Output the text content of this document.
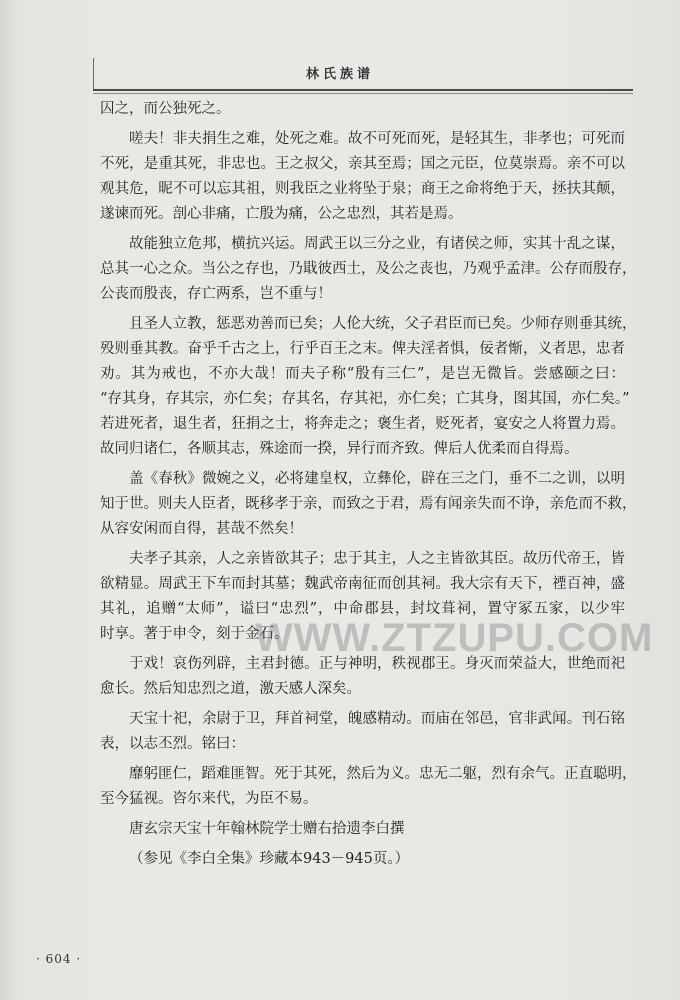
林氏族谱
囚之，而公独死之。
嗟夫！非夫捐生之难，处死之难。故不可死而死，是轻其生，非孝也；可死而
不死，是重其死，非忠也。王之叔父，亲其至焉；国之元臣，位莫崇焉。亲不可以
观其危，昵不可以忘其祖，则我臣之业将坠于泉；商王之命将绝于天，拯扶其颠，
遂谏而死。剖心非痛，亡殷为痛，公之忠烈，其若是焉。
故能独立危邦，横抗兴运。周武王以三分之业，有诸侯之师，实其十乱之谋，
总其一心之众。当公之存也，乃戢彼西土，及公之丧也，乃观乎孟津。公存而殷存，
公丧而殷丧，存亡两系，岂不重与！
且圣人立教，惩恶劝善而已矣；人伦大统，父子君臣而已矣。少师存则垂其统，
殁则垂其教。奋乎千古之上，行乎百王之末。俾夫淫者惧，佞者惭，义者思，忠者
劝。其为戒也，不亦大哉！而夫子称“殷有三仁”，是岂无微旨。尝感颐之曰：
“存其身，存其宗，亦仁矣；存其名，存其祀，亦仁矣；亡其身，图其国，亦仁矣。”
若进死者，退生者，狂捐之士，将奔走之；褒生者，贬死者，宴安之人将置力焉。
故同归诸仁，各顺其志，殊途而一揆，异行而齐致。俾后人优柔而自得焉。
盖《春秋》微婉之义，必将建皇权，立彝伦，辟在三之门，垂不二之训，以明
知于世。则夫人臣者，既移孝于亲，而致之于君，焉有闻亲失而不诤，亲危而不救，
从容安闲而自得，甚哉不然矣！
夫孝子其亲，人之亲皆欲其子；忠于其主，人之主皆欲其臣。故历代帝王，皆
欲精显。周武王下车而封其墓；魏武帝南征而创其祠。我大宗有天下，禋百神，盛
其礼，追赠“太师”，谥曰“忠烈”，中命郡县，封坟葺祠，置守冢五家，以少牢
时享。著于申令，刻于金石。
于戏！哀伤列辟，主君封德。正与神明，秩视郡王。身灭而荣益大，世绝而祀
愈长。然后知忠烈之道，激天感人深矣。
天宝十祀，余尉于卫，拜首祠堂，魄感精动。而庙在邻邑，官非武闻。刊石铭
表，以志丕烈。铭曰：
靡躬匪仁，蹈难匪智。死于其死，然后为义。忠无二躯，烈有余气。正直聪明，
至今猛视。咨尔来代，为臣不易。
唐玄宗天宝十年翰林院学士赠右拾遗李白撰
（参见《李白全集》珍藏本943－945页。）
WWW.ZTZUPU.COM
· 604 ·
